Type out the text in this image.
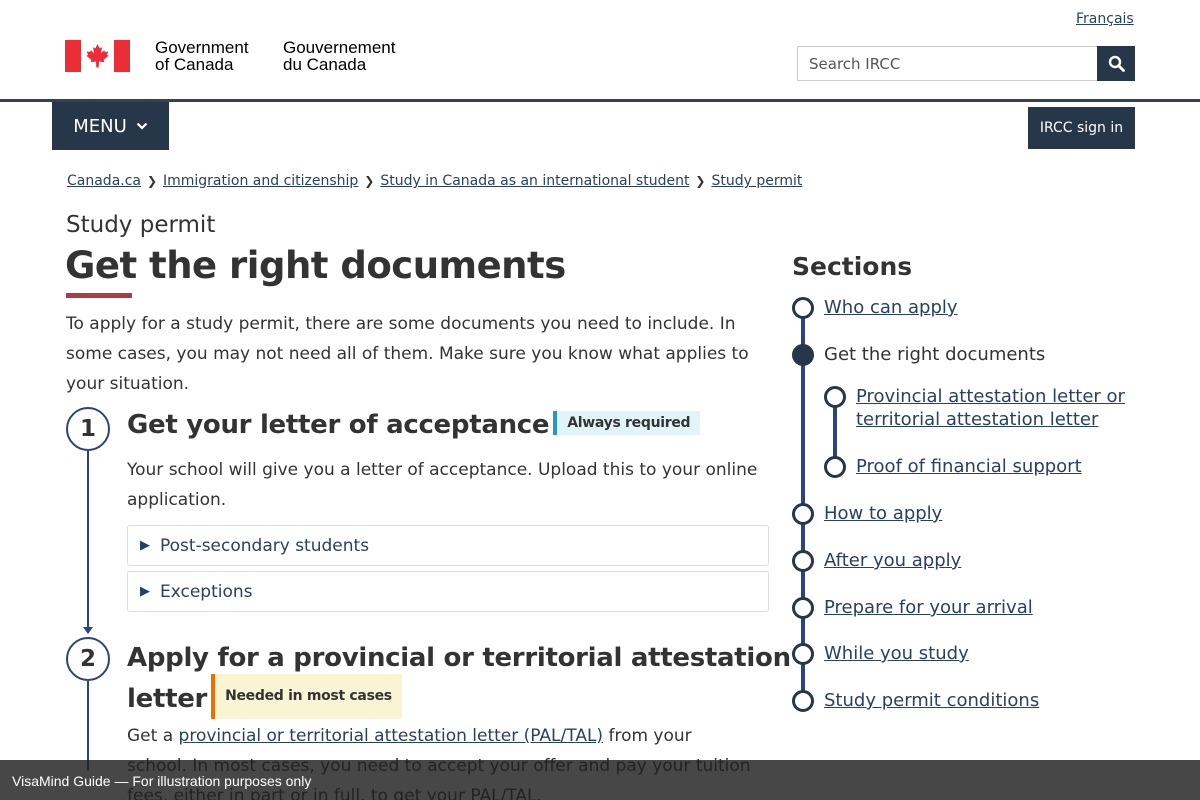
Français
Government
of Canada
Gouvernement
du Canada
Search IRCC
MENU	IRCC sign in
Canada.ca ❯ Immigration and citizenship ❯ Study in Canada as an international student ❯ Study permit
Study permit
Get the right documents

To apply for a study permit, there are some documents you need to include. In some cases, you may not need all of them. Make sure you know what applies to your situation.

1	Get your letter of acceptance Always required

Your school will give you a letter of acceptance. Upload this to your online application.

▶ Post-secondary students
▶ Exceptions
2	Apply for a provincial or territorial attestation
letter Needed in most cases
Get a provincial or territorial attestation letter (PAL/TAL) from your
Sections
Who can apply
Get the right documents
Provincial attestation letter or
territorial attestation letter
Proof of financial support
How to apply
After you apply
Prepare for your arrival
While you study
Study permit conditions
VisaMind Guide — For illustration purposes only
